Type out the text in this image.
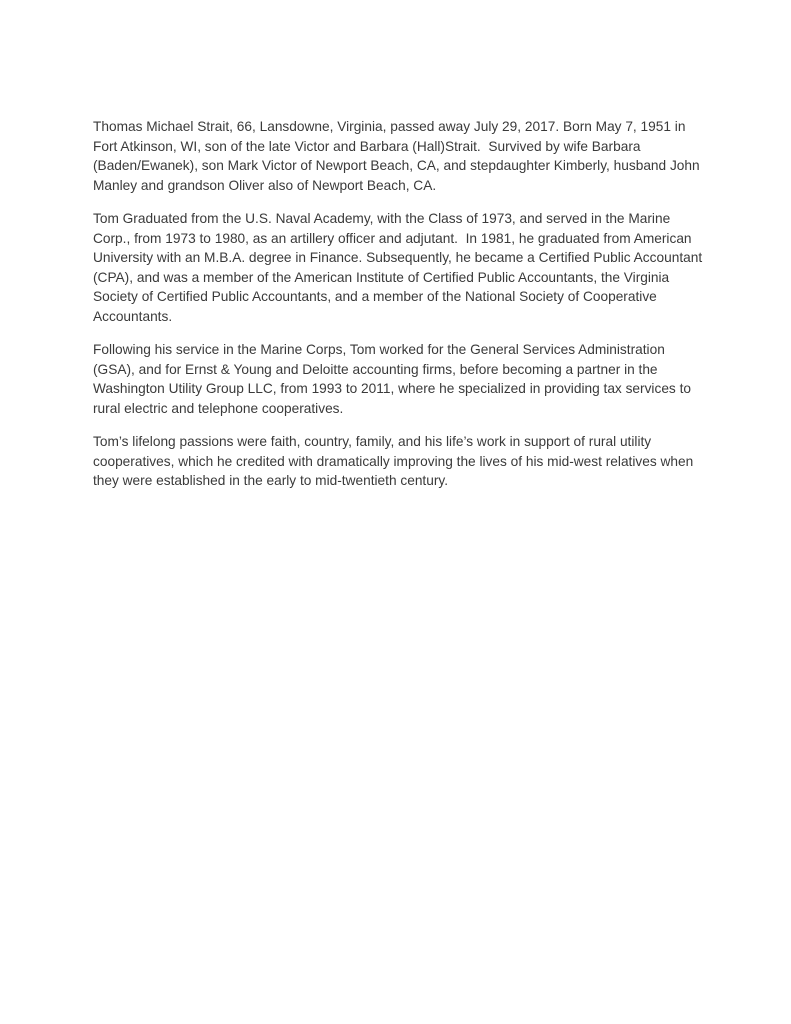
Thomas Michael Strait, 66, Lansdowne, Virginia, passed away July 29, 2017. Born May 7, 1951 in Fort Atkinson, WI, son of the late Victor and Barbara (Hall)Strait.  Survived by wife Barbara (Baden/Ewanek), son Mark Victor of Newport Beach, CA, and stepdaughter Kimberly, husband John Manley and grandson Oliver also of Newport Beach, CA.

Tom Graduated from the U.S. Naval Academy, with the Class of 1973, and served in the Marine Corp., from 1973 to 1980, as an artillery officer and adjutant.  In 1981, he graduated from American University with an M.B.A. degree in Finance. Subsequently, he became a Certified Public Accountant (CPA), and was a member of the American Institute of Certified Public Accountants, the Virginia Society of Certified Public Accountants, and a member of the National Society of Cooperative Accountants.

Following his service in the Marine Corps, Tom worked for the General Services Administration (GSA), and for Ernst & Young and Deloitte accounting firms, before becoming a partner in the Washington Utility Group LLC, from 1993 to 2011, where he specialized in providing tax services to rural electric and telephone cooperatives.

Tom’s lifelong passions were faith, country, family, and his life’s work in support of rural utility cooperatives, which he credited with dramatically improving the lives of his mid-west relatives when they were established in the early to mid-twentieth century.
